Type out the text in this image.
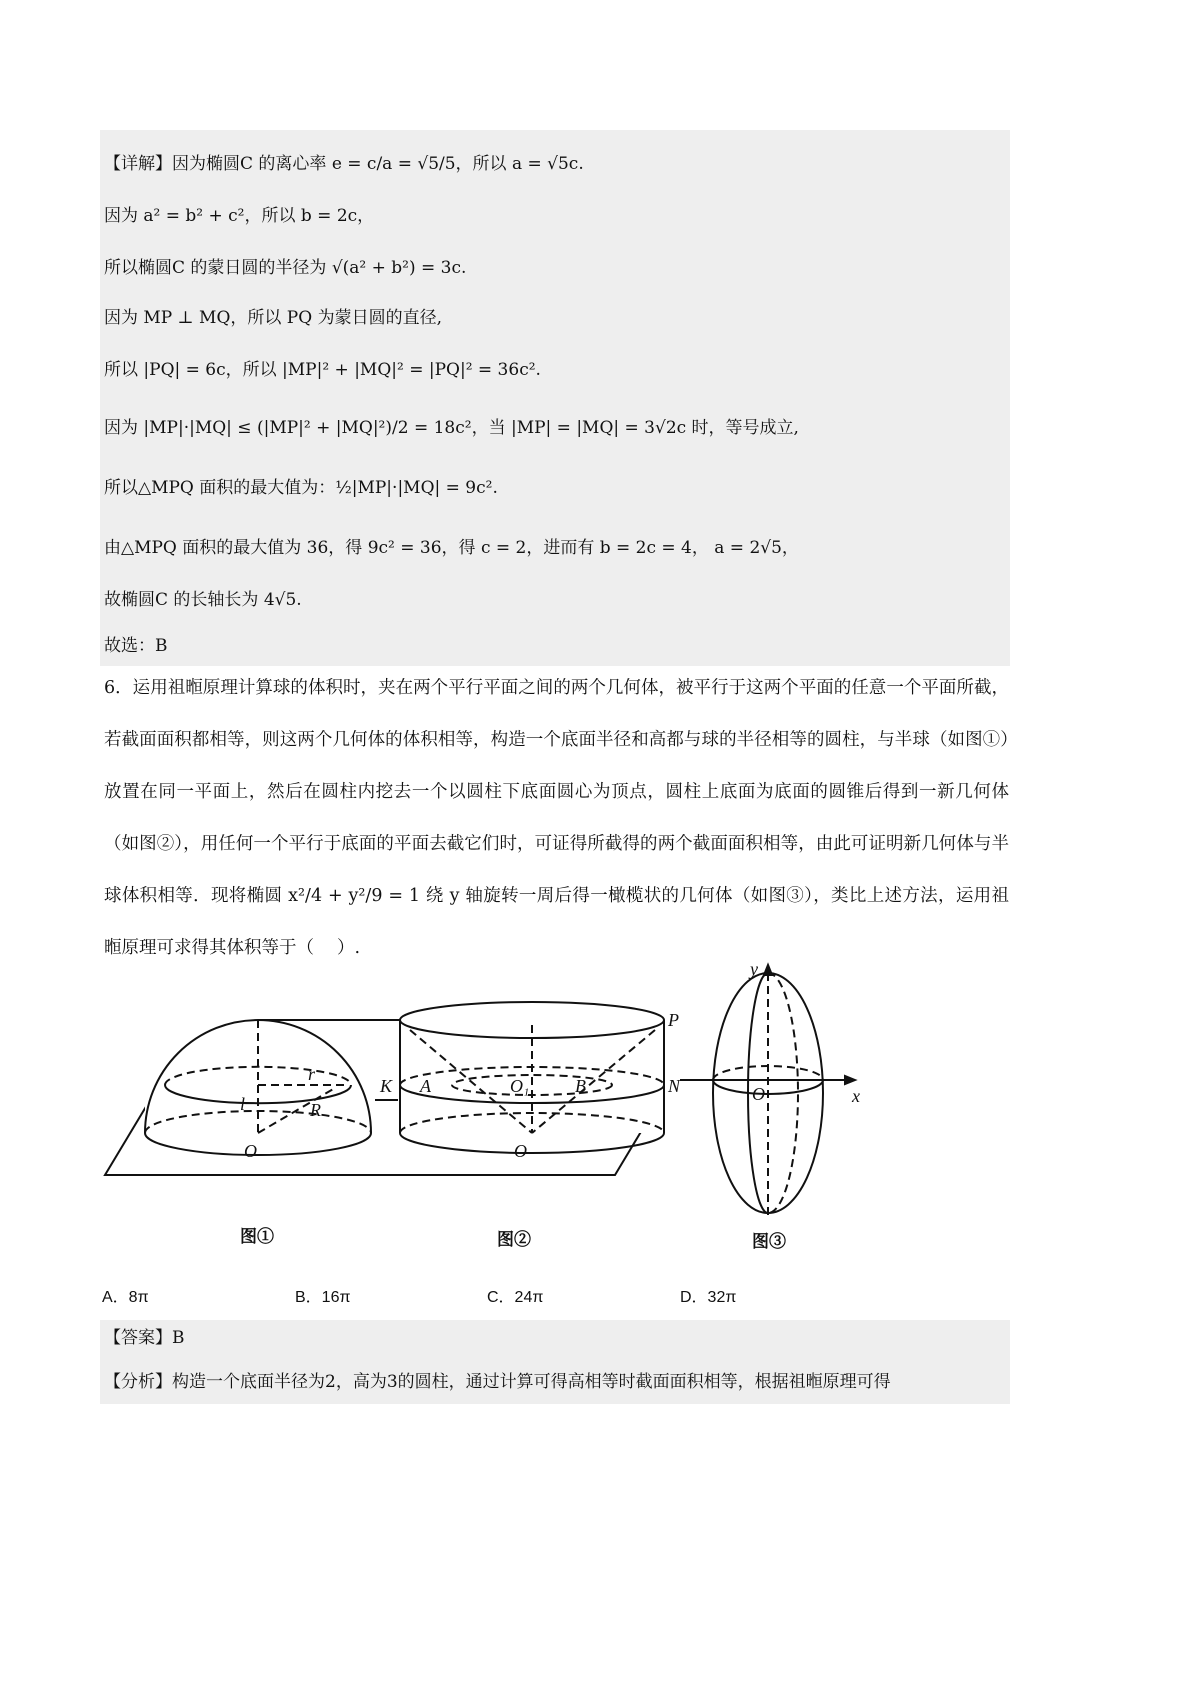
【详解】因为椭圆C 的离心率 e = c/a = √5/5，所以 a = √5c.
因为 a² = b² + c²，所以 b = 2c，
所以椭圆C 的蒙日圆的半径为 √(a² + b²) = 3c.
因为 MP ⊥ MQ，所以 PQ 为蒙日圆的直径,
所以 |PQ| = 6c，所以 |MP|² + |MQ|² = |PQ|² = 36c².
因为 |MP|·|MQ| ≤ (|MP|² + |MQ|²)/2 = 18c²，当 |MP| = |MQ| = 3√2c 时，等号成立,
所以△MPQ 面积的最大值为：½|MP|·|MQ| = 9c².
由△MPQ 面积的最大值为 36，得 9c² = 36，得 c = 2，进而有 b = 2c = 4， a = 2√5，
故椭圆C 的长轴长为 4√5.
故选：B
6．运用祖暅原理计算球的体积时，夹在两个平行平面之间的两个几何体，被平行于这两个平面的任意一个平面所截，若截面面积都相等，则这两个几何体的体积相等，构造一个底面半径和高都与球的半径相等的圆柱，与半球（如图①）放置在同一平面上，然后在圆柱内挖去一个以圆柱下底面圆心为顶点，圆柱上底面为底面的圆锥后得到一新几何体（如图②），用任何一个平行于底面的平面去截它们时，可证得所截得的两个截面面积相等，由此可证明新几何体与半球体积相等．现将椭圆 x²/4 + y²/9 = 1 绕 y 轴旋转一周后得一橄榄状的几何体（如图③），类比上述方法，运用祖暅原理可求得其体积等于（　 ）.
r
l	R
O
K A	O₁	B	N
P
O
y
x
O
图①	图②	图③
A．8π	B．16π	C．24π	D．32π
【答案】B
【分析】构造一个底面半径为2，高为3的圆柱，通过计算可得高相等时截面面积相等，根据祖暅原理可得
